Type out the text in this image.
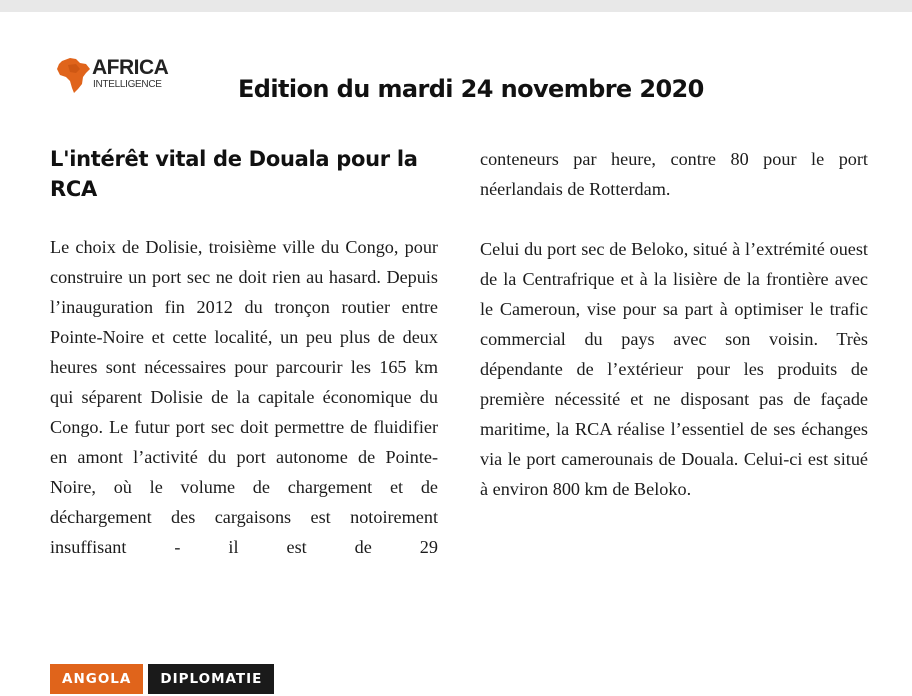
AFRICA
INTELLIGENCE	Edition du mardi 24 novembre 2020
L'intérêt vital de Douala pour la RCA

Le choix de Dolisie, troisième ville du Congo, pour construire un port sec ne doit rien au hasard. Depuis l’inauguration fin 2012 du tronçon routier entre Pointe-Noire et cette localité, un peu plus de deux heures sont nécessaires pour parcourir les 165 km qui séparent Dolisie de la capitale économique du Congo. Le futur port sec doit permettre de fluidifier en amont l’activité du port autonome de Pointe-Noire, où le volume de chargement et de déchargement des cargaisons est notoirement insuffisant - il est de 29

conteneurs par heure, contre 80 pour le port néerlandais de Rotterdam.

Celui du port sec de Beloko, situé à l’extrémité ouest de la Centrafrique et à la lisière de la frontière avec le Cameroun, vise pour sa part à optimiser le trafic commercial du pays avec son voisin. Très dépendante de l’extérieur pour les produits de première nécessité et ne disposant pas de façade maritime, la RCA réalise l’essentiel de ses échanges via le port camerounais de Douala. Celui-ci est situé à environ 800 km de Beloko.

ANGOLA	DIPLOMATIE
